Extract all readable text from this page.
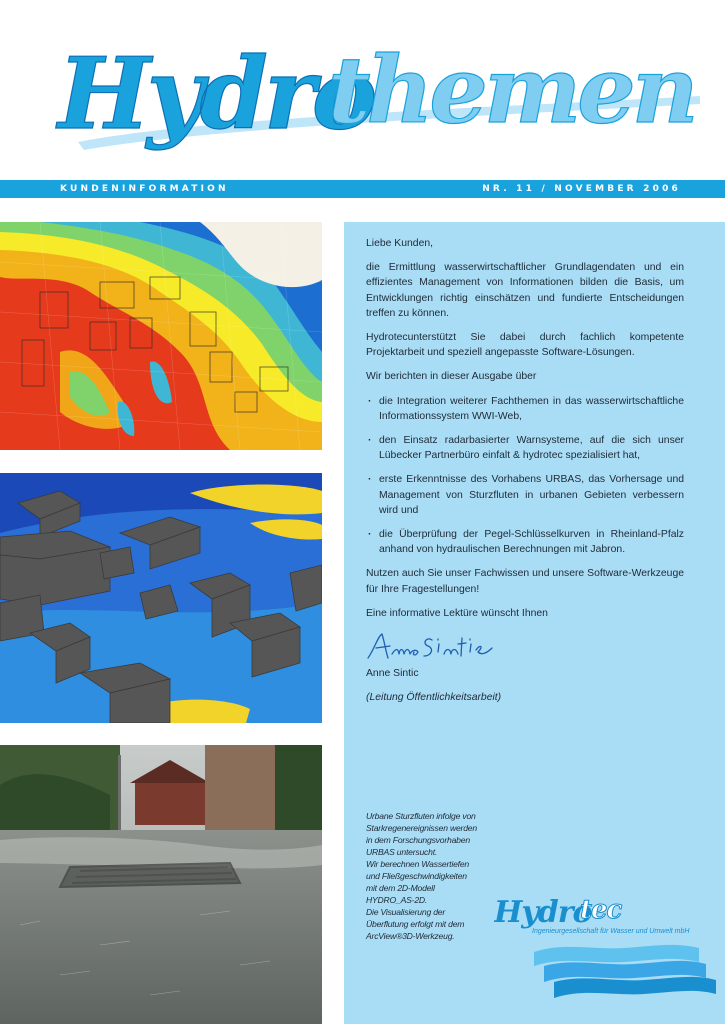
Hydro
themen
KUNDENINFORMATION	NR. 11 / NOVEMBER 2006

Liebe Kunden,

die Ermittlung wasserwirtschaftlicher Grundlagendaten und ein effizientes Management von Informationen bilden die Basis, um Entwicklungen richtig einschätzen und fundierte Entscheidungen treffen zu können.

Hydrotecunterstützt Sie dabei durch fachlich kompetente Projektarbeit und speziell angepasste Software-Lösungen.

Wir berichten in dieser Ausgabe über

· die Integration weiterer Fachthemen in das wasserwirtschaftliche Informationssystem WWI-Web,
· den Einsatz radarbasierter Warnsysteme, auf die sich unser Lübecker Partnerbüro einfalt & hydrotec spezialisiert hat,
· erste Erkenntnisse des Vorhabens URBAS, das Vorhersage und Management von Sturzfluten in urbanen Gebieten verbessern wird und
· die Überprüfung der Pegel-Schlüsselkurven in Rheinland-Pfalz anhand von hydraulischen Berechnungen mit Jabron.

Nutzen auch Sie unser Fachwissen und unsere Software-Werkzeuge für Ihre Fragestellungen!

Eine informative Lektüre wünscht Ihnen

Anne Sintic

(Leitung Öffentlichkeitsarbeit)

Urbane Sturzfluten infolge von
Starkregenereignissen werden
in dem Forschungsvorhaben
URBAS untersucht.
Wir berechnen Wassertiefen
und Fließgeschwindigkeiten
mit dem 2D-Modell
HYDRO_AS-2D.
Die Visualisierung der
Überflutung erfolgt mit dem
ArcView®3D-Werkzeug.
Hydro
tec
Ingenieurgesellschaft für Wasser und Umwelt mbH
